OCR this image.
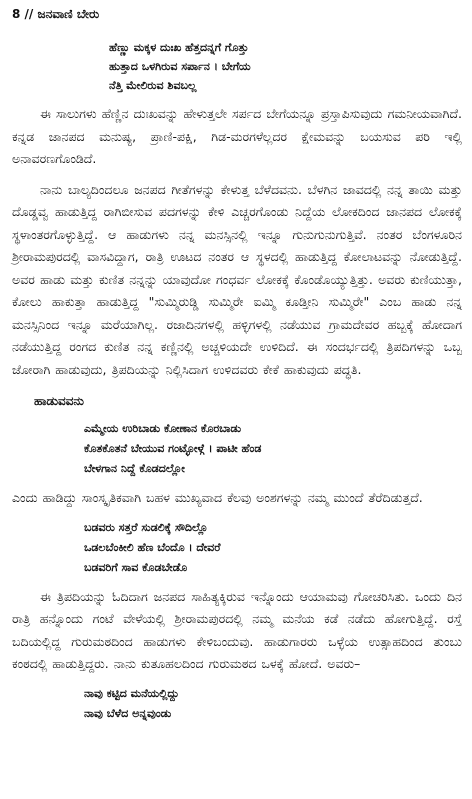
8 // ಜನವಾಣಿ ಬೇರು
ಹೆಣ್ಣು ಮಕ್ಕಳ ದುಃಖ ಹೆತ್ತದನ್ನಗೆ ಗೊತ್ತು
ಹುತ್ತಾದ ಒಳಗಿರುವ ಸರ್ಪಾನ । ಬೇಗೆಯ
ನೆತ್ತಿ ಮೇಲಿರುವ ಶಿವಬಲ್ಲ

ಈ ಸಾಲುಗಳು ಹೆಣ್ಣಿನ ದುಃಖವನ್ನು ಹೇಳುತ್ತಲೇ ಸರ್ಪದ ಬೇಗೆಯನ್ನೂ ಪ್ರಸ್ತಾಪಿಸುವುದು ಗಮನೀಯವಾಗಿದೆ. ಕನ್ನಡ ಜಾನಪದ ಮನುಷ್ಯ, ಪ್ರಾಣಿ-ಪಕ್ಷಿ, ಗಿಡ-ಮರಗಳೆಲ್ಲದರ ಕ್ಷೇಮವನ್ನು ಬಯಸುವ ಪರಿ ಇಲ್ಲಿ ಅನಾವರಣಗೊಂಡಿದೆ.

ನಾನು ಬಾಲ್ಯದಿಂದಲೂ ಜನಪದ ಗೀತೆಗಳನ್ನು ಕೇಳುತ್ತ ಬೆಳೆದವನು. ಬೆಳಗಿನ ಜಾವದಲ್ಲಿ ನನ್ನ ತಾಯಿ ಮತ್ತು ದೊಡ್ಡವ್ವ ಹಾಡುತ್ತಿದ್ದ ರಾಗಿಬೀಸುವ ಪದಗಳನ್ನು ಕೇಳಿ ಎಚ್ಚರಗೊಂಡು ನಿದ್ದೆಯ ಲೋಕದಿಂದ ಜಾನಪದ ಲೋಕಕ್ಕೆ ಸ್ಥಳಾಂತರಗೊಳ್ಳುತ್ತಿದ್ದೆ. ಆ ಹಾಡುಗಳು ನನ್ನ ಮನಸ್ಸಿನಲ್ಲಿ ಇನ್ನೂ ಗುನುಗುನುಗುತ್ತಿವೆ. ನಂತರ ಬೆಂಗಳೂರಿನ ಶ್ರೀರಾಮಪುರದಲ್ಲಿ ವಾಸವಿದ್ದಾಗ, ರಾತ್ರಿ ಊಟದ ನಂತರ ಆ ಸ್ಥಳದಲ್ಲಿ ಹಾಡುತ್ತಿದ್ದ ಕೋಲಾಟವನ್ನು ನೋಡುತ್ತಿದ್ದೆ. ಅವರ ಹಾಡು ಮತ್ತು ಕುಣಿತ ನನ್ನನ್ನು ಯಾವುದೋ ಗಂಧರ್ವ ಲೋಕಕ್ಕೆ ಕೊಂಡೊಯ್ಯುತ್ತಿತ್ತು. ಅವರು ಕುಣಿಯುತ್ತಾ, ಕೋಲು ಹಾಕುತ್ತಾ ಹಾಡುತ್ತಿದ್ದ "ಸುಮ್ಮಿರುಡ್ಡಿ ಸುಮ್ಮಿರೇ ಐಮ್ಮಿ ಕೂಡ್ತೀನಿ ಸುಮ್ಮಿರೇ" ಎಂಬ ಹಾಡು ನನ್ನ ಮನಸ್ಸಿನಿಂದ ಇನ್ನೂ ಮರೆಯಾಗಿಲ್ಲ. ರಜಾದಿನಗಳಲ್ಲಿ ಹಳ್ಳಿಗಳಲ್ಲಿ ನಡೆಯುವ ಗ್ರಾಮದೇವರ ಹಬ್ಬಕ್ಕೆ ಹೋದಾಗ ನಡೆಯುತ್ತಿದ್ದ ರಂಗದ ಕುಣಿತ ನನ್ನ ಕಣ್ಣಿನಲ್ಲಿ ಅಚ್ಚಳಿಯದೇ ಉಳಿದಿದೆ. ಈ ಸಂದರ್ಭದಲ್ಲಿ ತ್ರಿಪದಿಗಳನ್ನು ಒಬ್ಬ ಜೋರಾಗಿ ಹಾಡುವುದು, ತ್ರಿಪದಿಯನ್ನು ನಿಲ್ಲಿಸಿದಾಗ ಉಳಿದವರು ಕೇಕೆ ಹಾಕುವುದು ಪದ್ಧತಿ.

ಹಾಡುವವನು
ಎಮ್ಮೇಯ ಉರಿಬಾಡು ಕೋಣಾನ ಕೊರಬಾಡು
ಕೊತಕೊತನೆ ಬೇಯುವ ಗಂಟ್ಳೋಳ್ಗೆ । ಪಾಟೀ ಹೆಂಡ
ಬೇಳಗಾನ ನಿದ್ದೆ ಕೊಡದಲ್ಲೋ

ಎಂದು ಹಾಡಿದ್ದು ಸಾಂಸ್ಕೃತಿಕವಾಗಿ ಬಹಳ ಮುಖ್ಯವಾದ ಕೆಲವು ಅಂಶಗಳನ್ನು ನಮ್ಮ ಮುಂದೆ ತೆರೆದಿಡುತ್ತದೆ.

ಬಡವರು ಸತ್ತರೆ ಸುಡಲಿಕ್ಕೆ ಸೌದಿಲ್ಲೊ
ಒಡಲಬೆಂಕೀಲಿ ಹೆಣ ಬೆಂದೊ । ದೇವರೆ
ಬಡವರಿಗೆ ಸಾವ ಕೊಡಬೇಡೊ

ಈ ತ್ರಿಪದಿಯನ್ನು ಓದಿದಾಗ ಜನಪದ ಸಾಹಿತ್ಯಕ್ಕಿರುವ ಇನ್ನೊಂದು ಆಯಾಮವು ಗೋಚರಿಸಿತು. ಒಂದು ದಿನ ರಾತ್ರಿ ಹನ್ನೊಂದು ಗಂಟೆ ವೇಳೆಯಲ್ಲಿ ಶ್ರೀರಾಮಪುರದಲ್ಲಿ ನಮ್ಮ ಮನೆಯ ಕಡೆ ನಡೆದು ಹೋಗುತ್ತಿದ್ದೆ. ರಸ್ತೆ ಬದಿಯಲ್ಲಿದ್ದ ಗುರುಮಠದಿಂದ ಹಾಡುಗಳು ಕೇಳಿಬಂದುವು. ಹಾಡುಗಾರರು ಒಳ್ಳೆಯ ಉತ್ಸಾಹದಿಂದ ತುಂಬು ಕಂಠದಲ್ಲಿ ಹಾಡುತ್ತಿದ್ದರು. ನಾನು ಕುತೂಹಲದಿಂದ ಗುರುಮಠದ ಒಳಕ್ಕೆ ಹೋದೆ. ಅವರು–

ನಾವು ಕಟ್ಟಿದ ಮನೆಯಲ್ಲಿದ್ದು
ನಾವು ಬೆಳೆದ ಅನ್ನವುಂಡು
